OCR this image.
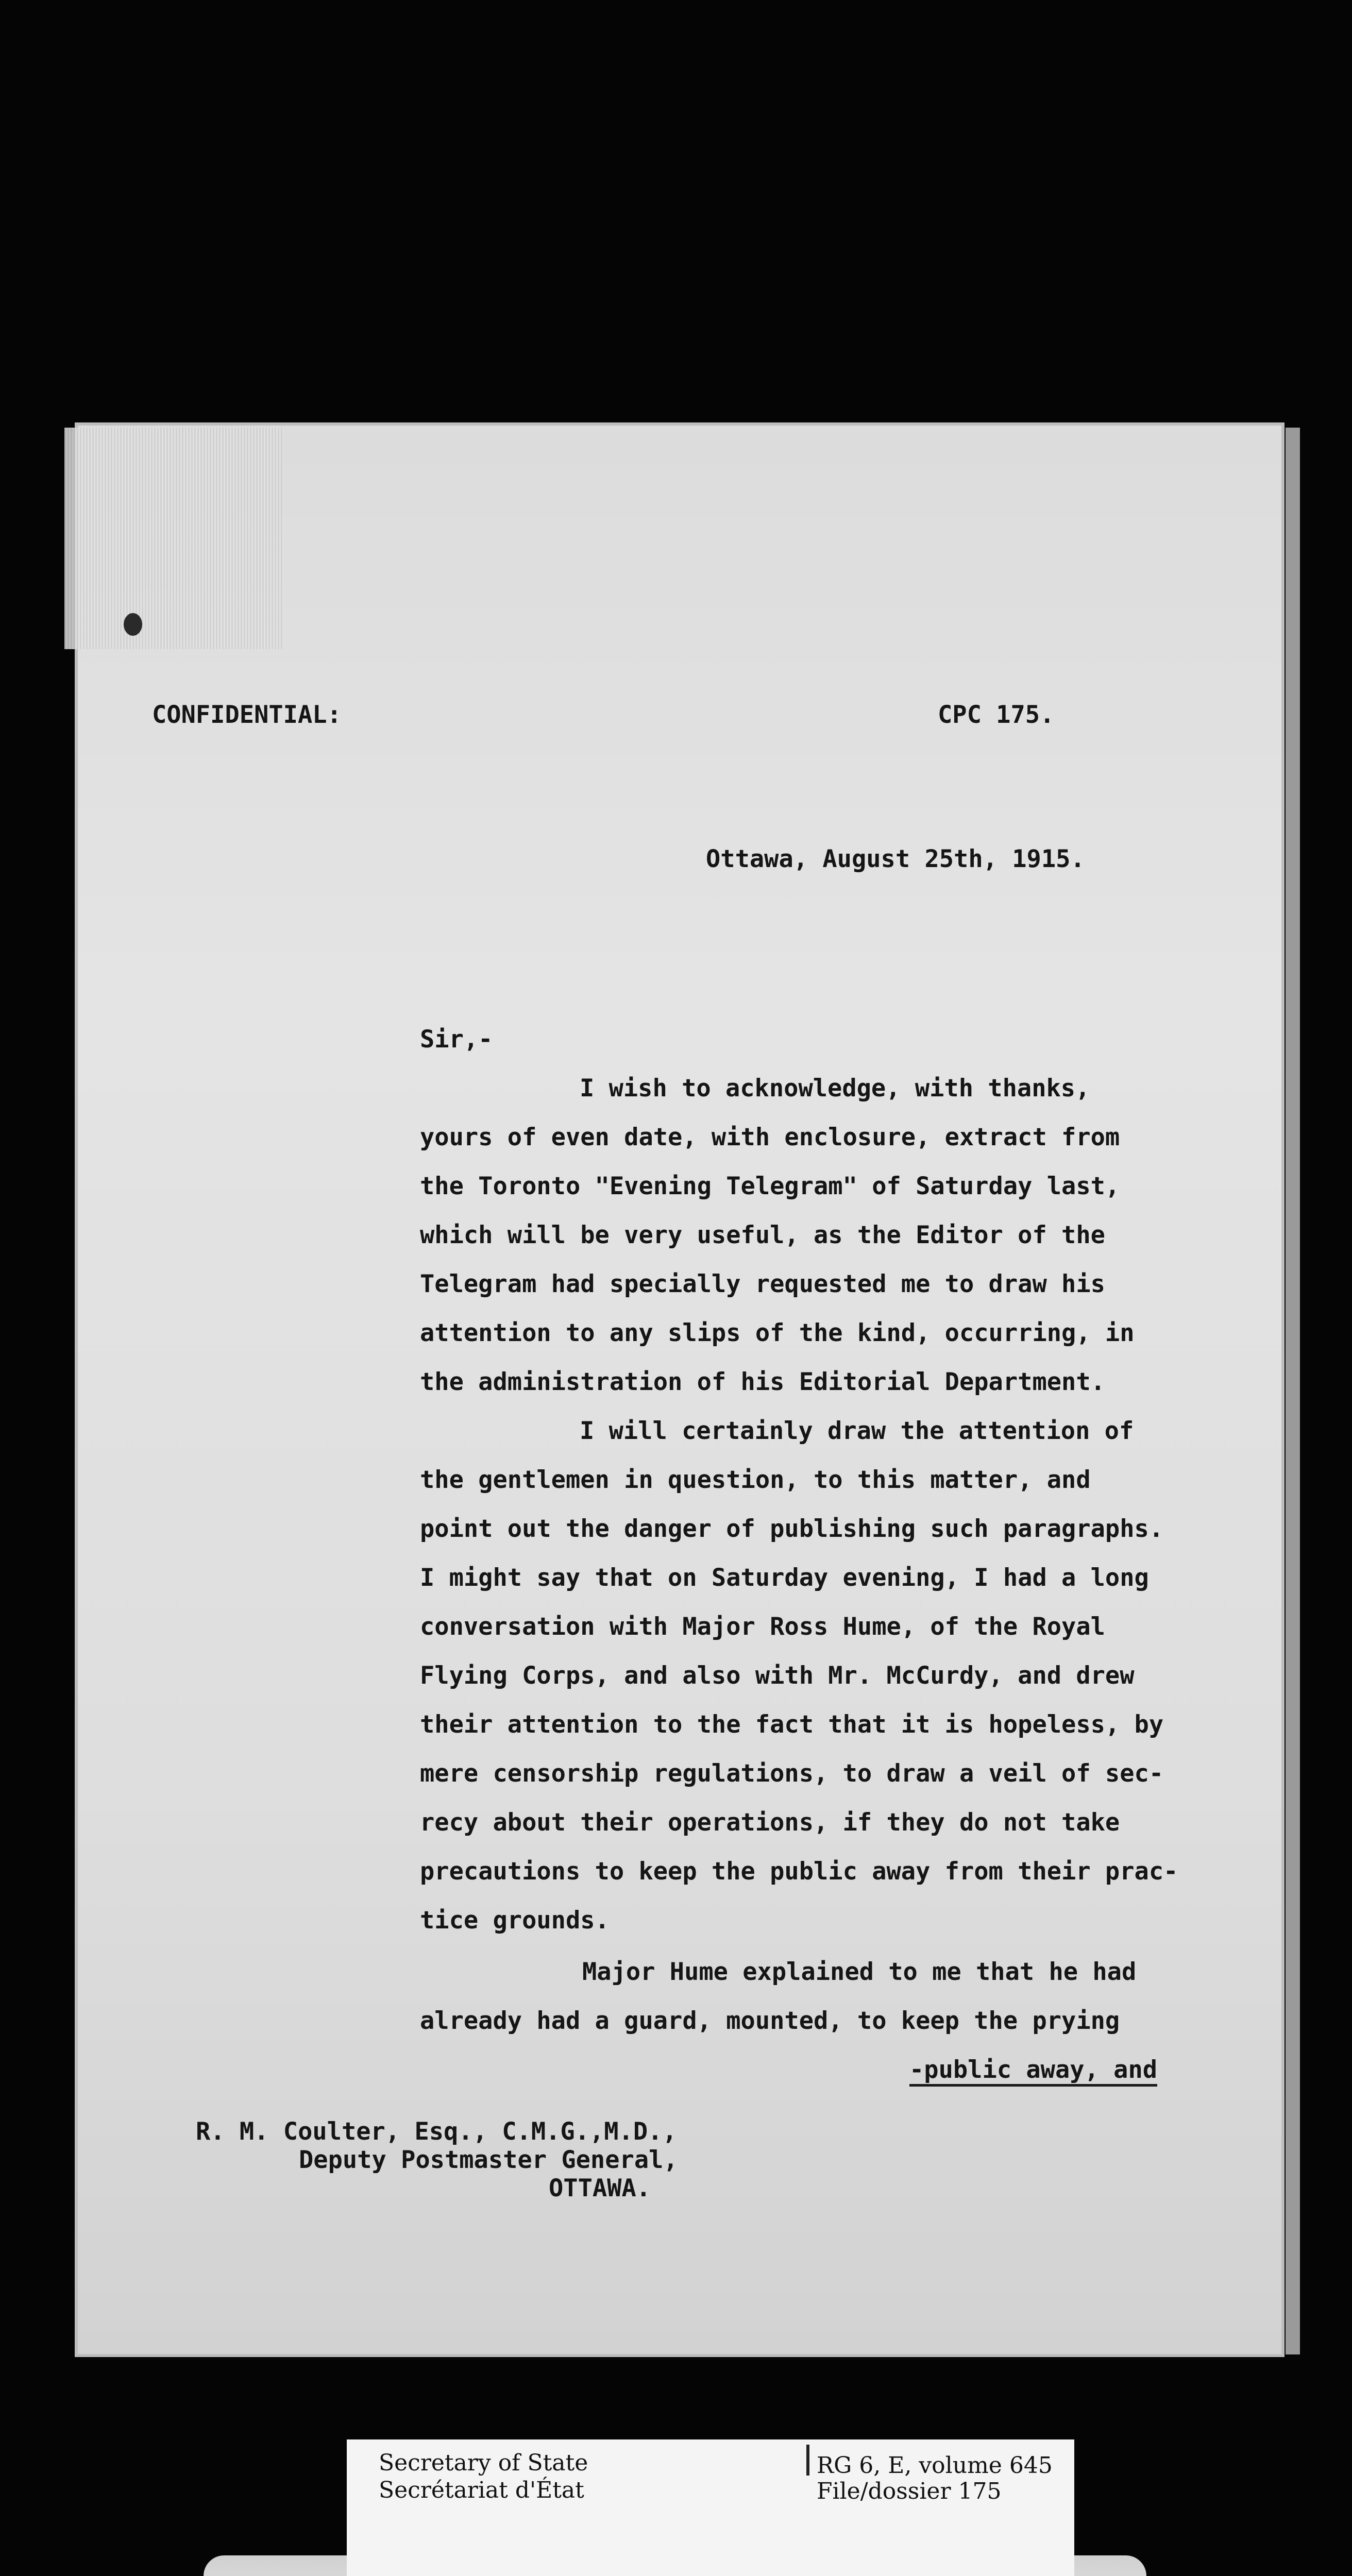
CONFIDENTIAL:	CPC 175.
Ottawa, August 25th, 1915.
Sir,-
I wish to acknowledge, with thanks,
yours of even date, with enclosure, extract from
the Toronto "Evening Telegram" of Saturday last,
which will be very useful, as the Editor of the
Telegram had specially requested me to draw his
attention to any slips of the kind, occurring, in
the administration of his Editorial Department.
I will certainly draw the attention of
the gentlemen in question, to this matter, and
point out the danger of publishing such paragraphs.
I might say that on Saturday evening, I had a long
conversation with Major Ross Hume, of the Royal
Flying Corps, and also with Mr. McCurdy, and drew
their attention to the fact that it is hopeless, by
mere censorship regulations, to draw a veil of sec-
recy about their operations, if they do not take
precautions to keep the public away from their prac-
tice grounds.
Major Hume explained to me that he had
already had a guard, mounted, to keep the prying
-public away, and
R. M. Coulter, Esq., C.M.G.,M.D.,
Deputy Postmaster General,
OTTAWA.
Secretary of State
Secrétariat d'État
RG 6, E, volume 645
File/dossier 175
